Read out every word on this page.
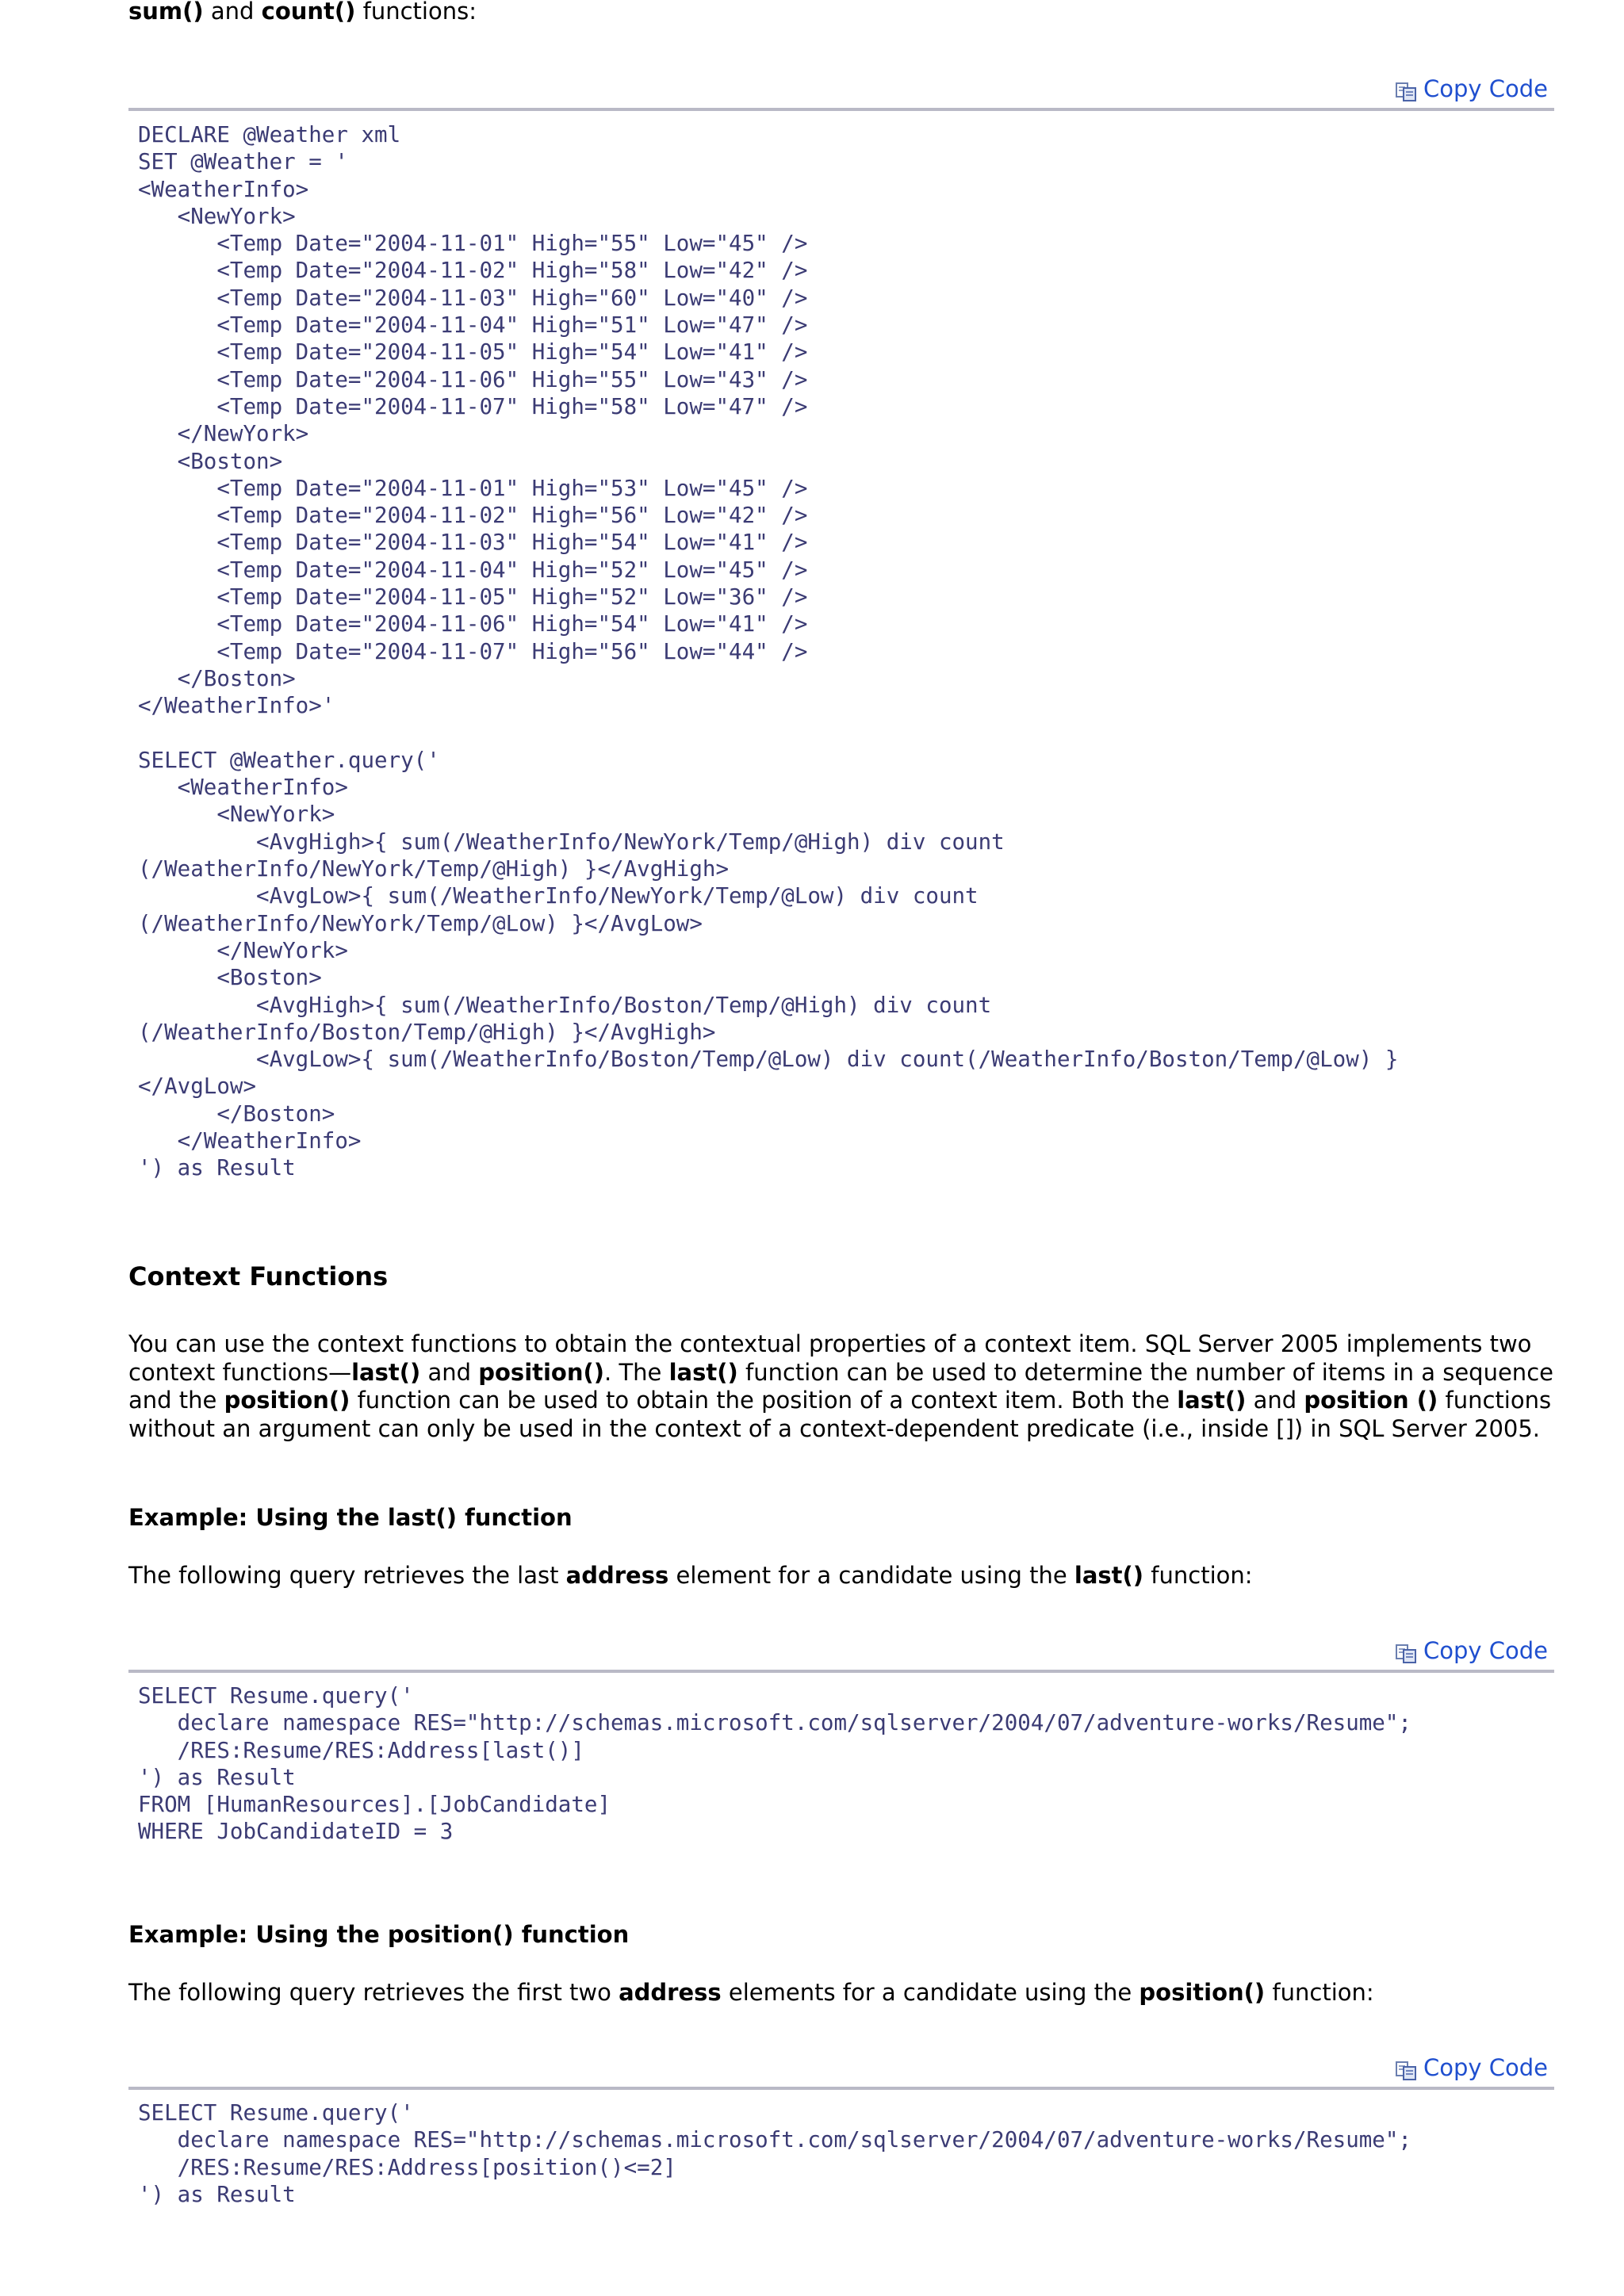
sum() and count() functions:

Copy Code
DECLARE @Weather xml
SET @Weather = '
<WeatherInfo>
<NewYork>
<Temp Date="2004-11-01" High="55" Low="45" />
<Temp Date="2004-11-02" High="58" Low="42" />
<Temp Date="2004-11-03" High="60" Low="40" />
<Temp Date="2004-11-04" High="51" Low="47" />
<Temp Date="2004-11-05" High="54" Low="41" />
<Temp Date="2004-11-06" High="55" Low="43" />
<Temp Date="2004-11-07" High="58" Low="47" />
</NewYork>
<Boston>
<Temp Date="2004-11-01" High="53" Low="45" />
<Temp Date="2004-11-02" High="56" Low="42" />
<Temp Date="2004-11-03" High="54" Low="41" />
<Temp Date="2004-11-04" High="52" Low="45" />
<Temp Date="2004-11-05" High="52" Low="36" />
<Temp Date="2004-11-06" High="54" Low="41" />
<Temp Date="2004-11-07" High="56" Low="44" />
</Boston>
</WeatherInfo>'

SELECT @Weather.query('
<WeatherInfo>
<NewYork>
<AvgHigh>{ sum(/WeatherInfo/NewYork/Temp/@High) div count
(/WeatherInfo/NewYork/Temp/@High) }</AvgHigh>
<AvgLow>{ sum(/WeatherInfo/NewYork/Temp/@Low) div count
(/WeatherInfo/NewYork/Temp/@Low) }</AvgLow>
</NewYork>
<Boston>
<AvgHigh>{ sum(/WeatherInfo/Boston/Temp/@High) div count
(/WeatherInfo/Boston/Temp/@High) }</AvgHigh>
<AvgLow>{ sum(/WeatherInfo/Boston/Temp/@Low) div count(/WeatherInfo/Boston/Temp/@Low) }
</AvgLow>
</Boston>
</WeatherInfo>
') as Result
Context Functions

You can use the context functions to obtain the contextual properties of a context item. SQL Server 2005 implements two context functions—last() and position(). The last() function can be used to determine the number of items in a sequence and the position() function can be used to obtain the position of a context item. Both the last() and position () functions without an argument can only be used in the context of a context-dependent predicate (i.e., inside []) in SQL Server 2005.

Example: Using the last() function

The following query retrieves the last address element for a candidate using the last() function:

Copy Code
SELECT Resume.query('
declare namespace RES="http://schemas.microsoft.com/sqlserver/2004/07/adventure-works/Resume";
/RES:Resume/RES:Address[last()]
') as Result
FROM [HumanResources].[JobCandidate]
WHERE JobCandidateID = 3
Example: Using the position() function

The following query retrieves the first two address elements for a candidate using the position() function:

Copy Code
SELECT Resume.query('
declare namespace RES="http://schemas.microsoft.com/sqlserver/2004/07/adventure-works/Resume";
/RES:Resume/RES:Address[position()<=2]
') as Result
